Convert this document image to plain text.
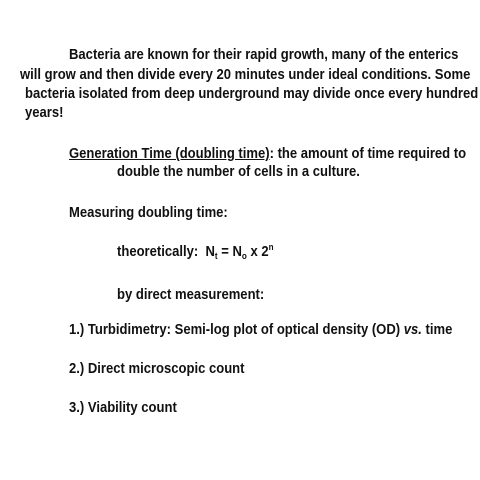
Bacteria are known for their rapid growth, many of the enterics

will grow and then divide every 20 minutes under ideal conditions. Some

bacteria isolated from deep underground may divide once every hundred

years!

Generation Time (doubling time): the amount of time required to

double the number of cells in a culture.

Measuring doubling time:

theoretically: $N_t = N_o$ x 2$^n$

by direct measurement:

1.) Turbidimetry: Semi-log plot of optical density (OD) vs. time

2.) Direct microscopic count

3.) Viability count
